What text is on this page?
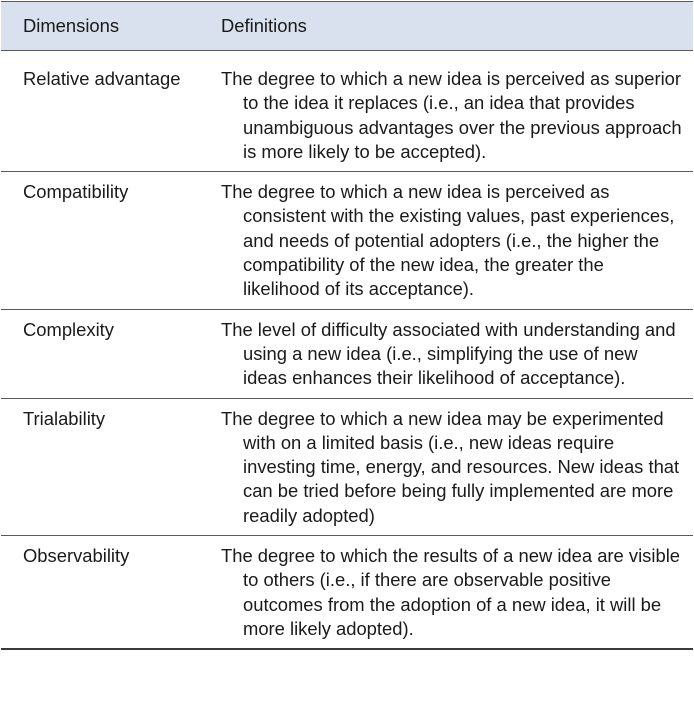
Dimensions	Definitions
Relative advantage	The degree to which a new idea is perceived as superior to the idea it replaces (i.e., an idea that provides unambiguous advantages over the previous approach is more likely to be accepted).
Compatibility	The degree to which a new idea is perceived as consistent with the existing values, past experiences, and needs of potential adopters (i.e., the higher the compatibility of the new idea, the greater the likelihood of its acceptance).
Complexity	The level of difficulty associated with understanding and using a new idea (i.e., simplifying the use of new ideas enhances their likelihood of acceptance).
Trialability	The degree to which a new idea may be experimented with on a limited basis (i.e., new ideas require investing time, energy, and resources. New ideas that can be tried before being fully implemented are more readily adopted)
Observability	The degree to which the results of a new idea are visible to others (i.e., if there are observable positive outcomes from the adoption of a new idea, it will be more likely adopted).
